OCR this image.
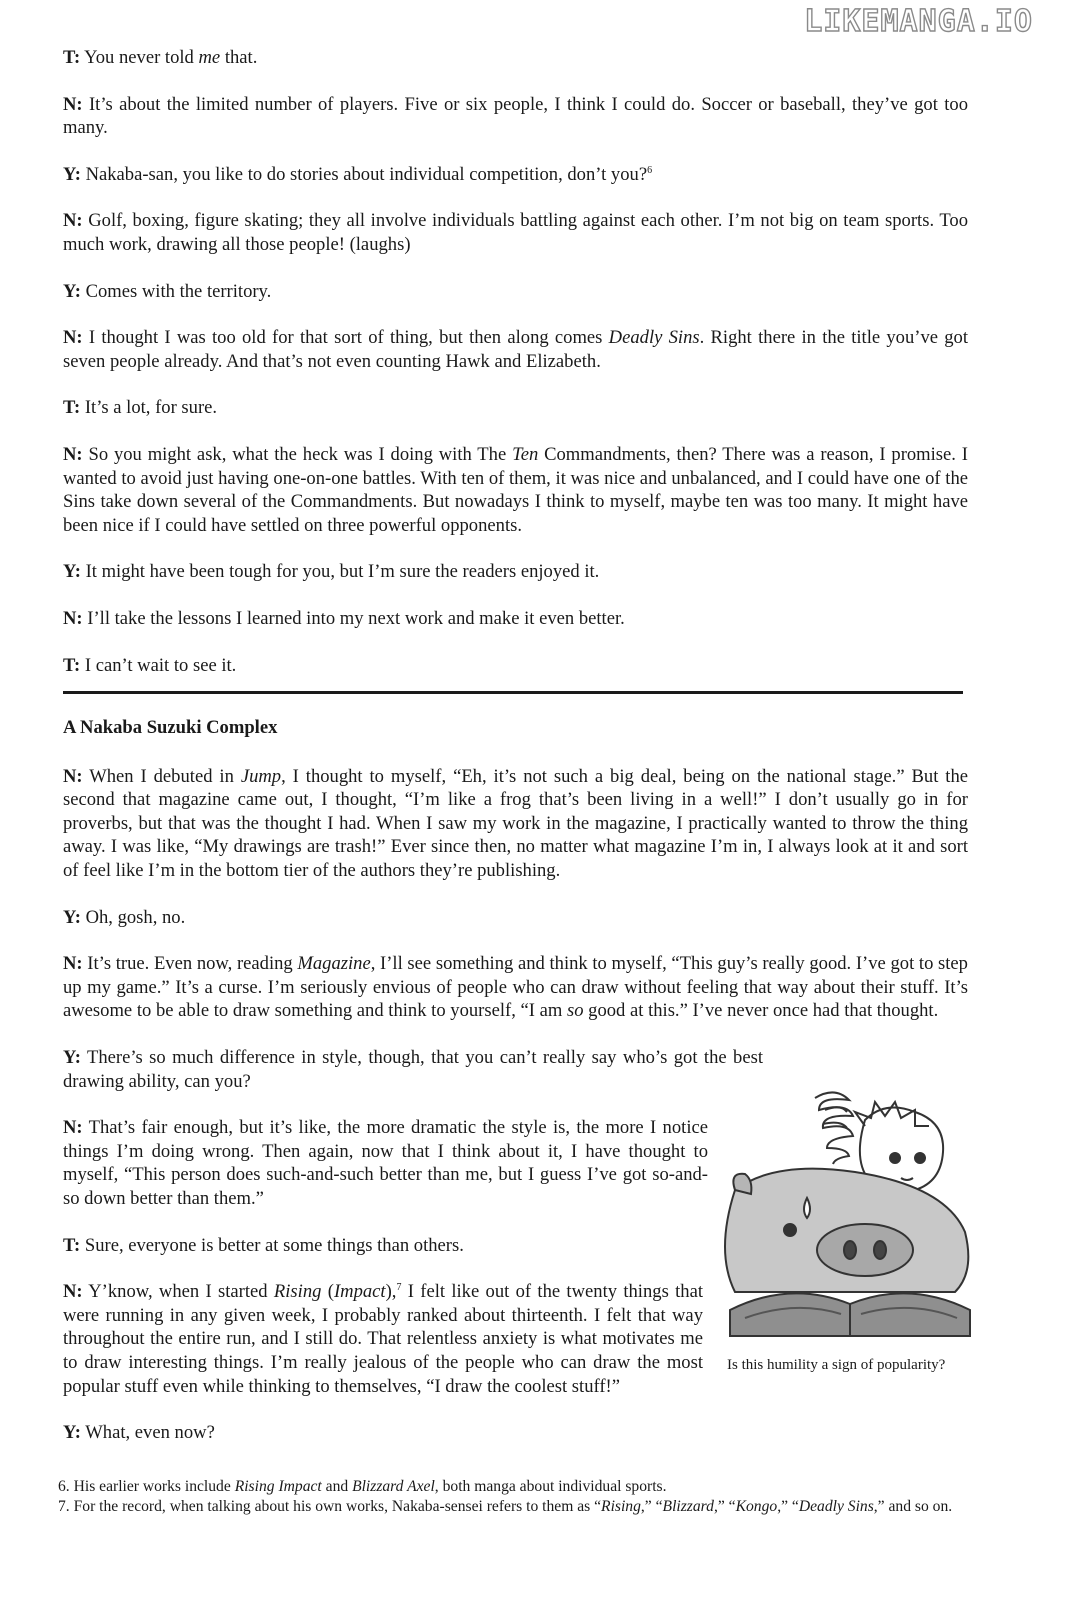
LIKEMANGA.IO

T: You never told me that.

N: It’s about the limited number of players. Five or six people, I think I could do. Soccer or baseball, they’ve got too many.

Y: Nakaba-san, you like to do stories about individual competition, don’t you?$^6$

N: Golf, boxing, figure skating; they all involve individuals battling against each other. I’m not big on team sports. Too much work, drawing all those people! (laughs)

Y: Comes with the territory.

N: I thought I was too old for that sort of thing, but then along comes Deadly Sins. Right there in the title you’ve got seven people already. And that’s not even counting Hawk and Elizabeth.

T: It’s a lot, for sure.

N: So you might ask, what the heck was I doing with The Ten Commandments, then? There was a reason, I promise. I wanted to avoid just having one-on-one battles. With ten of them, it was nice and unbalanced, and I could have one of the Sins take down several of the Commandments. But nowadays I think to myself, maybe ten was too many. It might have been nice if I could have settled on three powerful opponents.

Y: It might have been tough for you, but I’m sure the readers enjoyed it.

N: I’ll take the lessons I learned into my next work and make it even better.

T: I can’t wait to see it.

A Nakaba Suzuki Complex

N: When I debuted in Jump, I thought to myself, “Eh, it’s not such a big deal, being on the national stage.” But the second that magazine came out, I thought, “I’m like a frog that’s been living in a well!” I don’t usually go in for proverbs, but that was the thought I had. When I saw my work in the magazine, I practically wanted to throw the thing away. I was like, “My drawings are trash!” Ever since then, no matter what magazine I’m in, I always look at it and sort of feel like I’m in the bottom tier of the authors they’re publishing.

Y: Oh, gosh, no.

N: It’s true. Even now, reading Magazine, I’ll see something and think to myself, “This guy’s really good. I’ve got to step up my game.” It’s a curse. I’m seriously envious of people who can draw without feeling that way about their stuff. It’s awesome to be able to draw something and think to yourself, “I am so good at this.” I’ve never once had that thought.

Y: There’s so much difference in style, though, that you can’t really say who’s got the best drawing ability, can you?

N: That’s fair enough, but it’s like, the more dramatic the style is, the more I notice things I’m doing wrong. Then again, now that I think about it, I have thought to myself, “This person does such-and-such better than me, but I guess I’ve got so-and-so down better than them.”

T: Sure, everyone is better at some things than others.

N: Y’know, when I started Rising (Impact),$^7$ I felt like out of the twenty things that were running in any given week, I probably ranked about thirteenth. I felt that way throughout the entire run, and I still do. That relentless anxiety is what motivates me to draw interesting things. I’m really jealous of the people who can draw the most popular stuff even while thinking to themselves, “I draw the coolest stuff!”

Y: What, even now?

Is this humility a sign of popularity?

6. His earlier works include Rising Impact and Blizzard Axel, both manga about individual sports.

7. For the record, when talking about his own works, Nakaba-sensei refers to them as “Rising,” “Blizzard,” “Kongo,” “Deadly Sins,” and so on.
